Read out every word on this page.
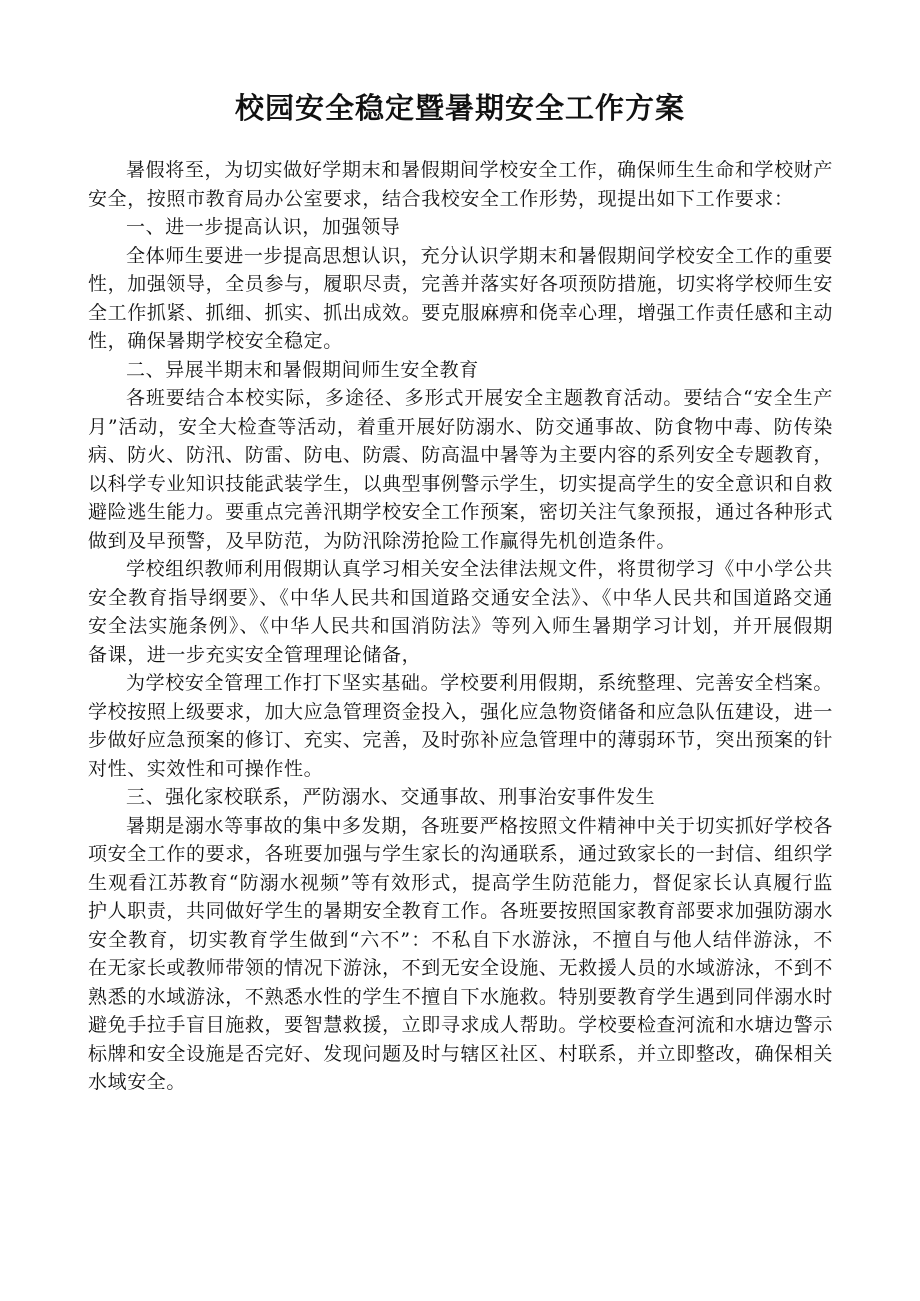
校园安全稳定暨暑期安全工作方案

暑假将至，为切实做好学期末和暑假期间学校安全工作，确保师生生命和学校财产安全，按照市教育局办公室要求，结合我校安全工作形势，现提出如下工作要求：

一、进一步提高认识，加强领导

全体师生要进一步提高思想认识，充分认识学期末和暑假期间学校安全工作的重要性，加强领导，全员参与，履职尽责，完善并落实好各项预防措施，切实将学校师生安全工作抓紧、抓细、抓实、抓出成效。要克服麻痹和侥幸心理，增强工作责任感和主动性，确保暑期学校安全稳定。

二、异展半期末和暑假期间师生安全教育

各班要结合本校实际，多途径、多形式开展安全主题教育活动。要结合“安全生产月”活动，安全大检查等活动，着重开展好防溺水、防交通事故、防食物中毒、防传染病、防火、防汛、防雷、防电、防震、防高温中暑等为主要内容的系列安全专题教育，以科学专业知识技能武装学生，以典型事例警示学生，切实提高学生的安全意识和自救避险逃生能力。要重点完善汛期学校安全工作预案，密切关注气象预报，通过各种形式做到及早预警，及早防范，为防汛除涝抢险工作赢得先机创造条件。

学校组织教师利用假期认真学习相关安全法律法规文件，将贯彻学习《中小学公共安全教育指导纲要》、《中华人民共和国道路交通安全法》、《中华人民共和国道路交通安全法实施条例》、《中华人民共和国消防法》等列入师生暑期学习计划，并开展假期备课，进一步充实安全管理理论储备，

为学校安全管理工作打下坚实基础。学校要利用假期，系统整理、完善安全档案。学校按照上级要求，加大应急管理资金投入，强化应急物资储备和应急队伍建设，进一步做好应急预案的修订、充实、完善，及时弥补应急管理中的薄弱环节，突出预案的针对性、实效性和可操作性。

三、强化家校联系，严防溺水、交通事故、刑事治安事件发生

暑期是溺水等事故的集中多发期，各班要严格按照文件精神中关于切实抓好学校各项安全工作的要求，各班要加强与学生家长的沟通联系，通过致家长的一封信、组织学生观看江苏教育“防溺水视频”等有效形式，提高学生防范能力，督促家长认真履行监护人职责，共同做好学生的暑期安全教育工作。各班要按照国家教育部要求加强防溺水安全教育，切实教育学生做到“六不”：不私自下水游泳，不擅自与他人结伴游泳，不在无家长或教师带领的情况下游泳，不到无安全设施、无救援人员的水域游泳，不到不熟悉的水域游泳，不熟悉水性的学生不擅自下水施救。特别要教育学生遇到同伴溺水时避免手拉手盲目施救，要智慧救援，立即寻求成人帮助。学校要检查河流和水塘边警示标牌和安全设施是否完好、发现问题及时与辖区社区、村联系，并立即整改，确保相关水域安全。
